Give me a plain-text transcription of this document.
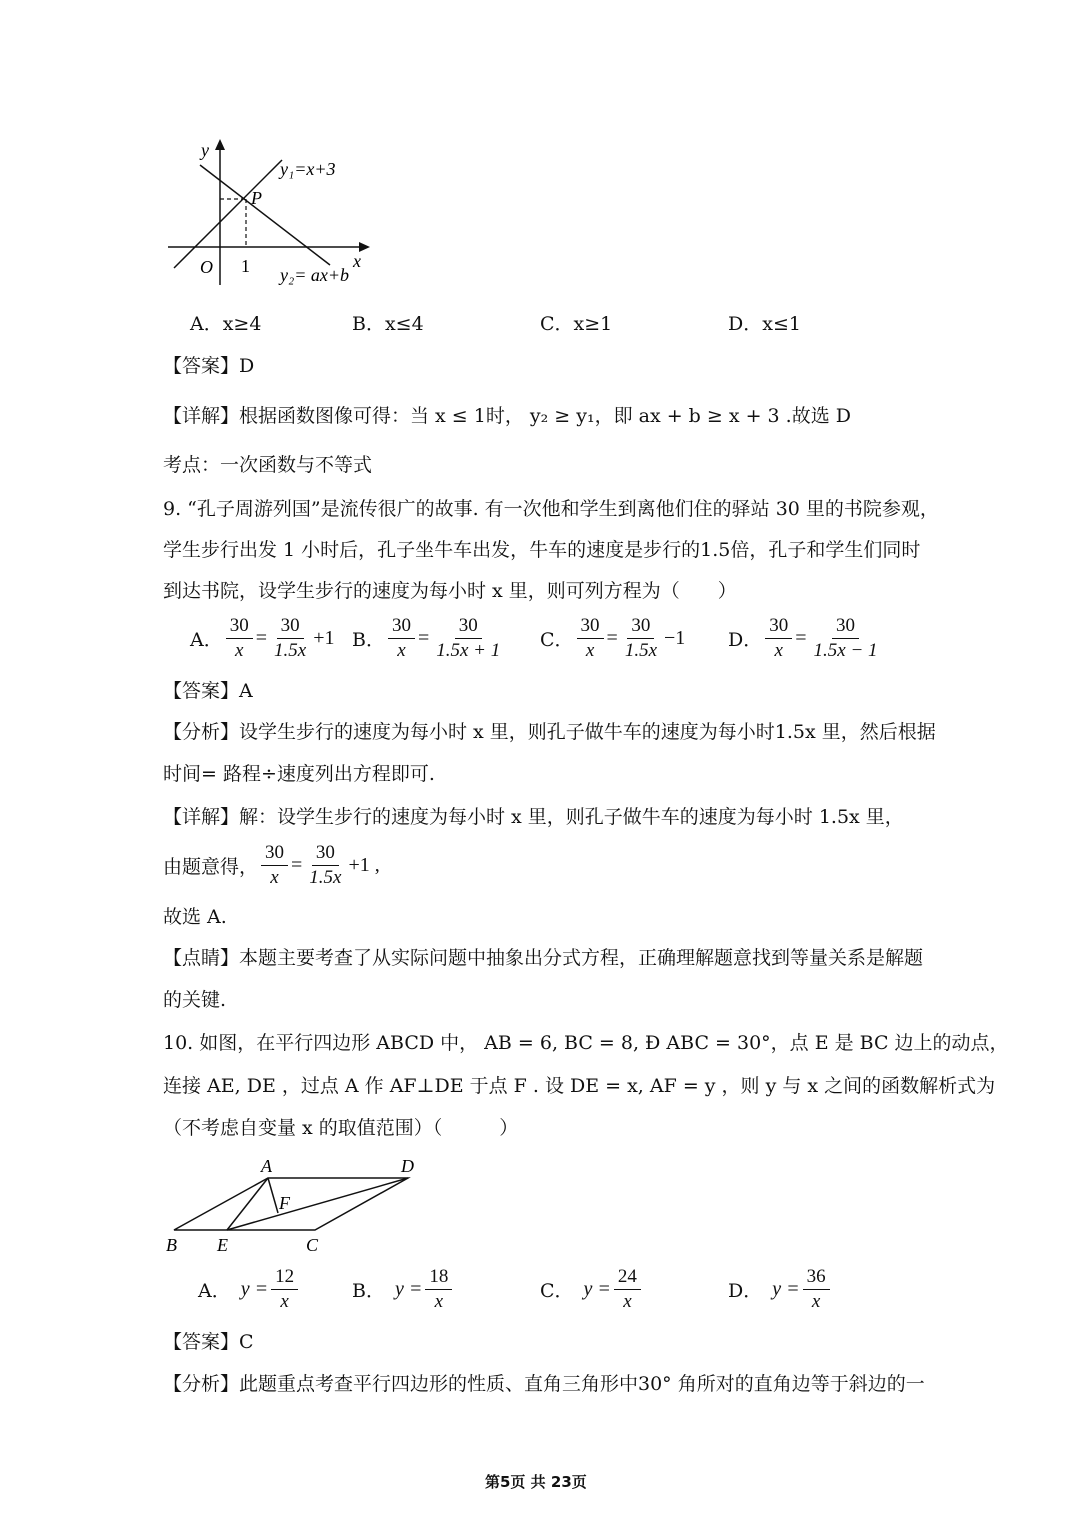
y
x
O 1
P
y₁=x+3
y₂= ax+b
A．x≥4	B．x≤4	C．x≥1	D．x≤1
【答案】D
【详解】根据函数图像可得：当 x ≤ 1时， y₂ ≥ y₁，即 ax + b ≥ x + 3 .故选 D
考点：一次函数与不等式
9. “孔子周游列国”是流传很广的故事. 有一次他和学生到离他们住的驿站 30 里的书院参观，
学生步行出发 1 小时后，孔子坐牛车出发，牛车的速度是步行的1.5倍，孔子和学生们同时
到达书院，设学生步行的速度为每小时 x 里，则可列方程为（　　）
A． $\frac{30}{x} = \frac{30}{1.5x} +1$ B． $\frac{30}{x} = \frac{30}{1.5x + 1}$ C． $\frac{30}{x} = \frac{30}{1.5x} -1$ D． $\frac{30}{x} = \frac{30}{1.5x - 1}$
【答案】A
【分析】设学生步行的速度为每小时 x 里，则孔子做牛车的速度为每小时1.5x 里，然后根据
时间= 路程÷速度列出方程即可.
【详解】解：设学生步行的速度为每小时 x 里，则孔子做牛车的速度为每小时 1.5x 里，
由题意得， $\frac{30}{x} = \frac{30}{1.5x} +1$ ,
故选 A.
【点睛】本题主要考查了从实际问题中抽象出分式方程，正确理解题意找到等量关系是解题
的关键.
10. 如图，在平行四边形 ABCD 中， AB = 6, BC = 8, Đ ABC = 30°，点 E 是 BC 边上的动点，
连接 AE, DE ，过点 A 作 AF⊥DE 于点 F . 设 DE = x, AF = y ，则 y 与 x 之间的函数解析式为
（不考虑自变量 x 的取值范围）（　　　）
A	D
F
B E	C
A． $y = \frac{12}{x}$	B． $y = \frac{18}{x}$	C． $y = \frac{24}{x}$	D． $y = \frac{36}{x}$
【答案】C
【分析】此题重点考查平行四边形的性质、直角三角形中30° 角所对的直角边等于斜边的一
第5页 共 23页
